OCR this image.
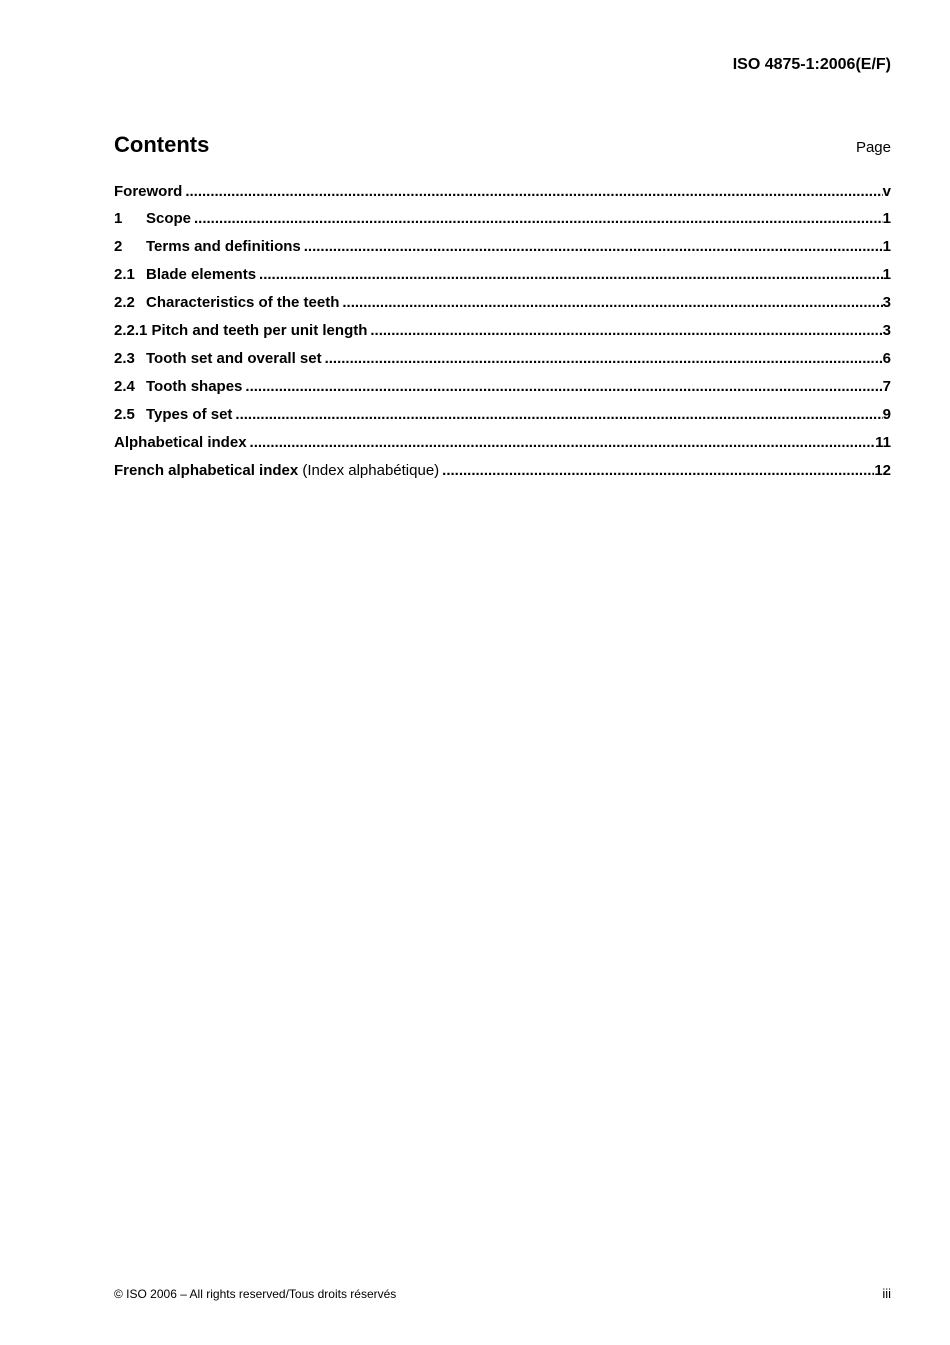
ISO 4875-1:2006(E/F)
Contents	Page
Foreword .....	v
1	Scope .....	1
2	Terms and definitions .....	1
2.1 Blade elements .....	1
2.2 Characteristics of the teeth .....	3
2.2.1 Pitch and teeth per unit length .....	3
2.3 Tooth set and overall set .....	6
2.4 Tooth shapes .....	7
2.5 Types of set .....	9
Alphabetical index .....	11
French alphabetical index (Index alphabétique) .....	12
© ISO 2006 – All rights reserved/Tous droits réservés	iii
